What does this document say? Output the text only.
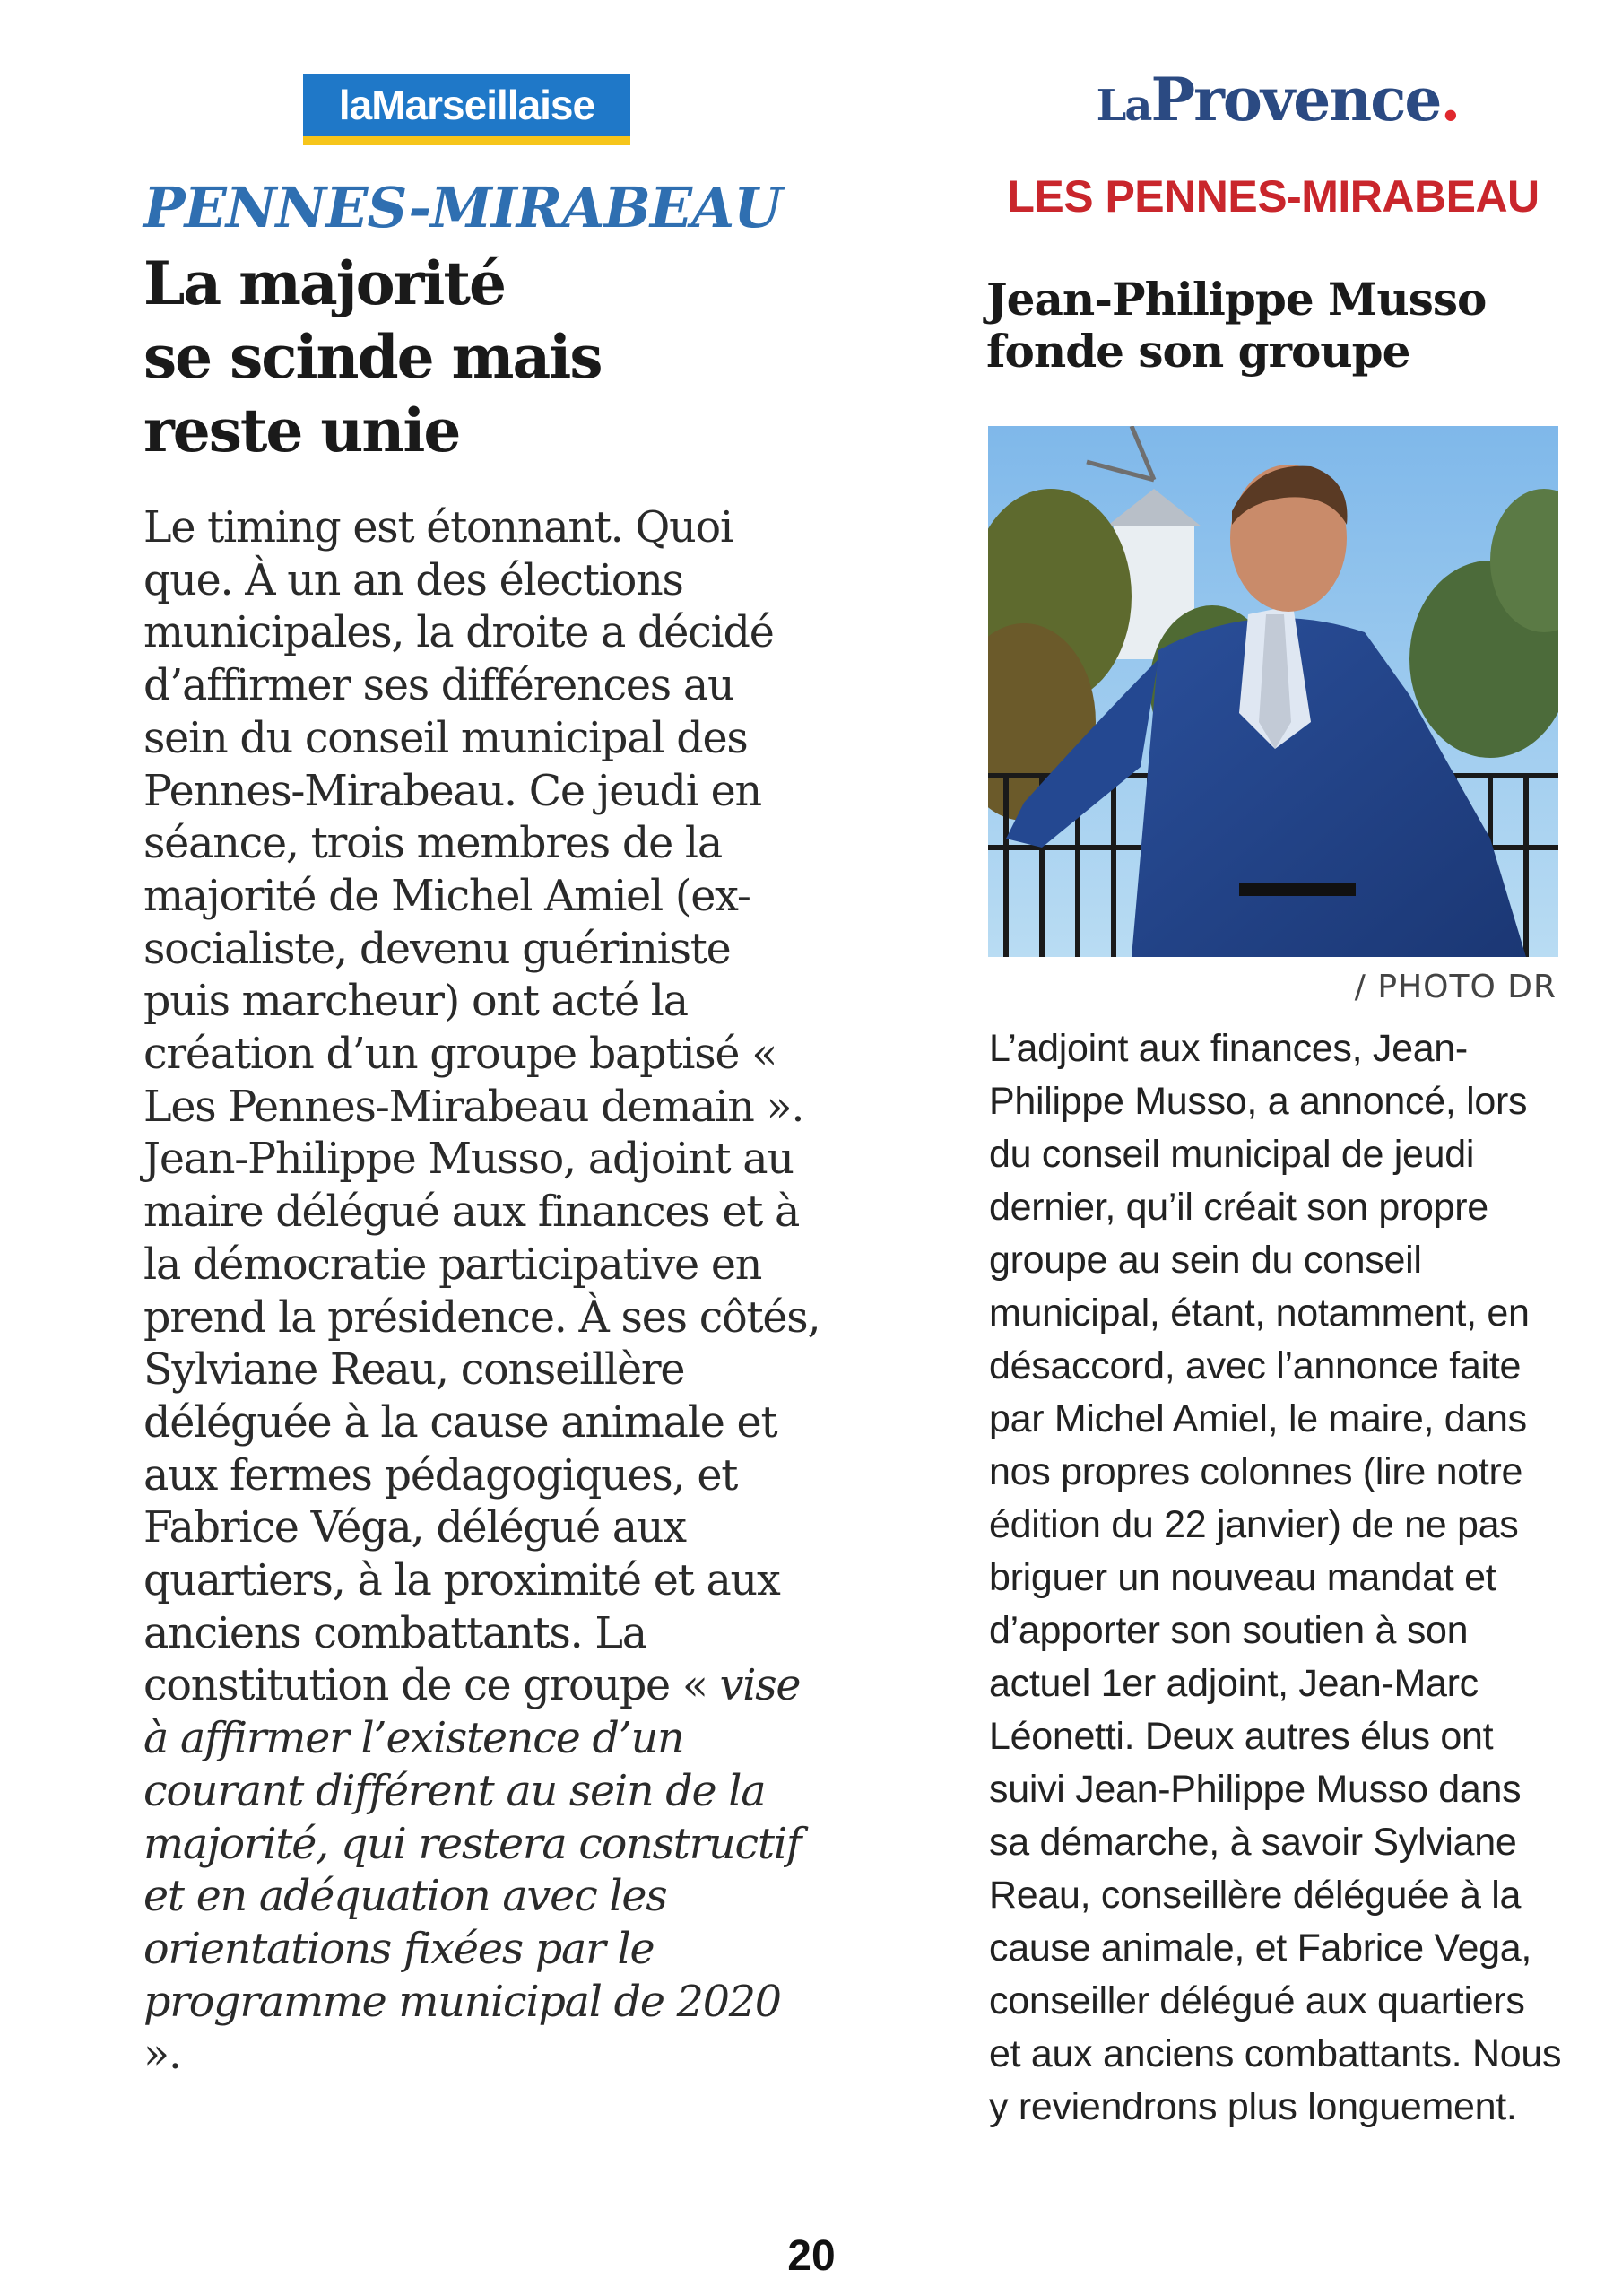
laMarseillaise
PENNES-MIRABEAU
La majorité
se scinde mais
reste unie
Le timing est étonnant. Quoi que. À un an des élections municipales, la droite a décidé d’affirmer ses différences au sein du conseil municipal des Pennes-Mirabeau. Ce jeudi en séance, trois membres de la majorité de Michel Amiel (ex-socialiste, devenu guériniste puis marcheur) ont acté la création d’un groupe baptisé « Les Pennes-Mirabeau demain ». Jean-Philippe Musso, adjoint au maire délégué aux finances et à la démocratie participative en prend la présidence. À ses côtés, Sylviane Reau, conseillère déléguée à la cause animale et aux fermes pédagogiques, et Fabrice Véga, délégué aux quartiers, à la proximité et aux anciens combattants. La constitution de ce groupe « vise à affirmer l’existence d’un courant différent au sein de la majorité, qui restera constructif et en adéquation avec les orientations fixées par le programme municipal de 2020 ».
LaProvence.
LES PENNES-MIRABEAU
Jean-Philippe Musso
fonde son groupe
/ PHOTO DR
L’adjoint aux finances, Jean-Philippe Musso, a annoncé, lors du conseil municipal de jeudi dernier, qu’il créait son propre groupe au sein du conseil municipal, étant, notamment, en désaccord, avec l’annonce faite par Michel Amiel, le maire, dans nos propres colonnes (lire notre édition du 22 janvier) de ne pas briguer un nouveau mandat et d’apporter son soutien à son actuel 1er adjoint, Jean-Marc Léonetti. Deux autres élus ont suivi Jean-Philippe Musso dans sa démarche, à savoir Sylviane Reau, conseillère déléguée à la cause animale, et Fabrice Vega, conseiller délégué aux quartiers et aux anciens combattants. Nous y reviendrons plus longuement.
20
